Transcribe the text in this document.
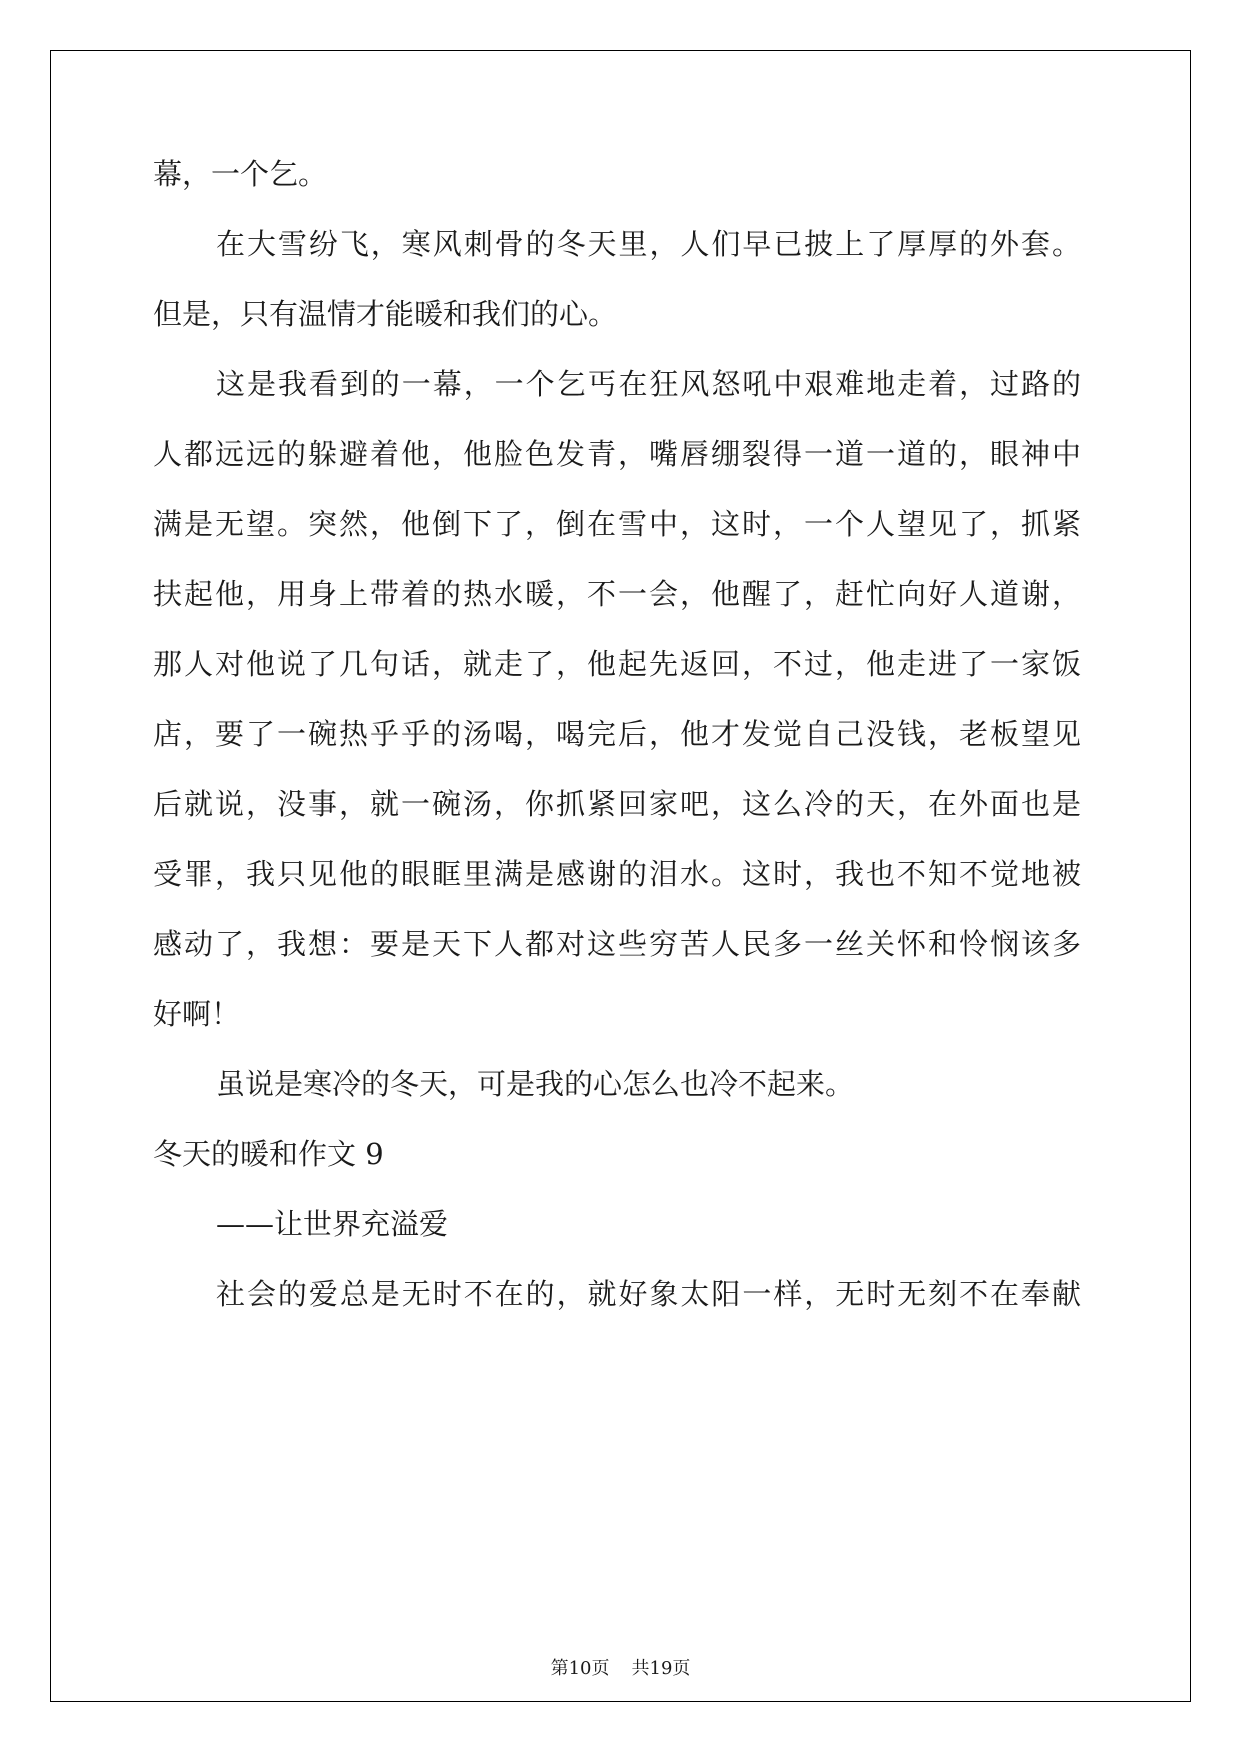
幕，一个乞。
在大雪纷飞，寒风刺骨的冬天里，人们早已披上了厚厚的外套。
但是，只有温情才能暖和我们的心。
这是我看到的一幕，一个乞丐在狂风怒吼中艰难地走着，过路的
人都远远的躲避着他，他脸色发青，嘴唇绷裂得一道一道的，眼神中
满是无望。突然，他倒下了，倒在雪中，这时，一个人望见了，抓紧
扶起他，用身上带着的热水暖，不一会，他醒了，赶忙向好人道谢，
那人对他说了几句话，就走了，他起先返回，不过，他走进了一家饭
店，要了一碗热乎乎的汤喝，喝完后，他才发觉自己没钱，老板望见
后就说，没事，就一碗汤，你抓紧回家吧，这么冷的天，在外面也是
受罪，我只见他的眼眶里满是感谢的泪水。这时，我也不知不觉地被
感动了，我想：要是天下人都对这些穷苦人民多一丝关怀和怜悯该多
好啊！
虽说是寒冷的冬天，可是我的心怎么也冷不起来。
冬天的暖和作文 9
——让世界充溢爱
社会的爱总是无时不在的，就好象太阳一样，无时无刻不在奉献
第10页 共19页
